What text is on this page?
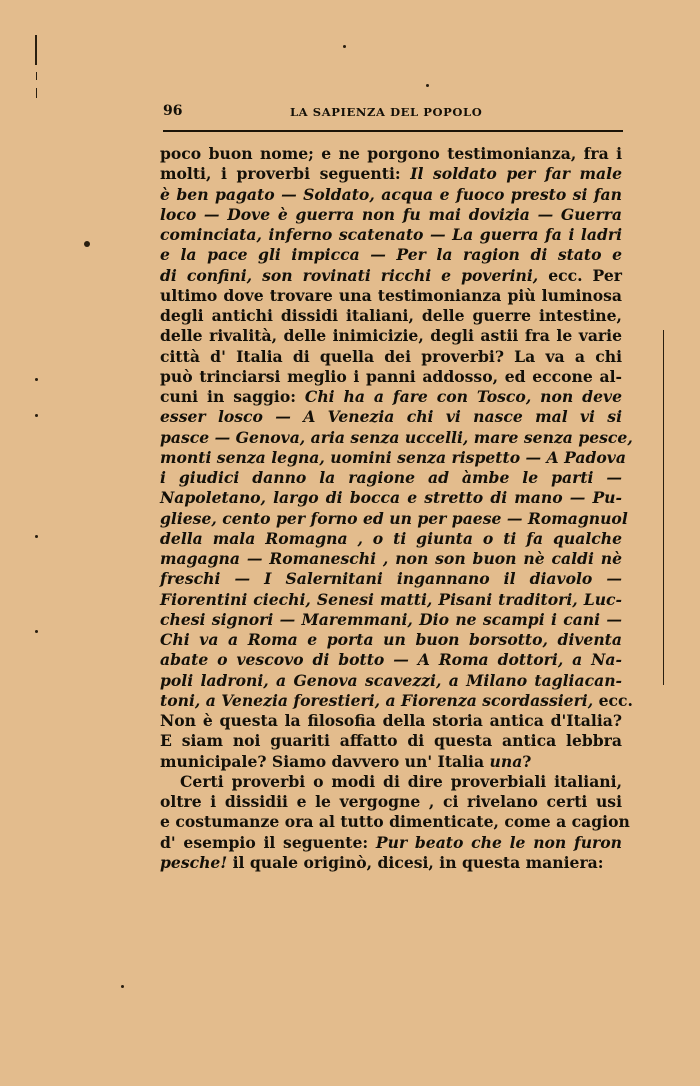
96	LA SAPIENZA DEL POPOLO
poco buon nome; e ne porgono testimonianza, fra i
molti, i proverbi seguenti: Il soldato per far male
è ben pagato — Soldato, acqua e fuoco presto si fan
loco — Dove è guerra non fu mai dovizia — Guerra
cominciata, inferno scatenato — La guerra fa i ladri
e la pace gli impicca — Per la ragion di stato e
di confini, son rovinati ricchi e poverini, ecc. Per
ultimo dove trovare una testimonianza più luminosa
degli antichi dissidi italiani, delle guerre intestine,
delle rivalità, delle inimicizie, degli astii fra le varie
città d' Italia di quella dei proverbi? La va a chi
può trinciarsi meglio i panni addosso, ed eccone al-
cuni in saggio: Chi ha a fare con Tosco, non deve
esser losco — A Venezia chi vi nasce mal vi si
pasce — Genova, aria senza uccelli, mare senza pesce,
monti senza legna, uomini senza rispetto — A Padova
i giudici danno la ragione ad àmbe le parti —
Napoletano, largo di bocca e stretto di mano — Pu-
gliese, cento per forno ed un per paese — Romagnuol
della mala Romagna , o ti giunta o ti fa qualche
magagna — Romaneschi , non son buon nè caldi nè
freschi — I Salernitani ingannano il diavolo —
Fiorentini ciechi, Senesi matti, Pisani traditori, Luc-
chesi signori — Maremmani, Dio ne scampi i cani —
Chi va a Roma e porta un buon borsotto, diventa
abate o vescovo di botto — A Roma dottori, a Na-
poli ladroni, a Genova scavezzi, a Milano tagliacan-
toni, a Venezia forestieri, a Fiorenza scordassieri, ecc.
Non è questa la filosofia della storia antica d'Italia?
E siam noi guariti affatto di questa antica lebbra
municipale? Siamo davvero un' Italia una?
Certi proverbi o modi di dire proverbiali italiani,
oltre i dissidii e le vergogne , ci rivelano certi usi
e costumanze ora al tutto dimenticate, come a cagion
d' esempio il seguente: Pur beato che le non furon
pesche! il quale originò, dicesi, in questa maniera:
